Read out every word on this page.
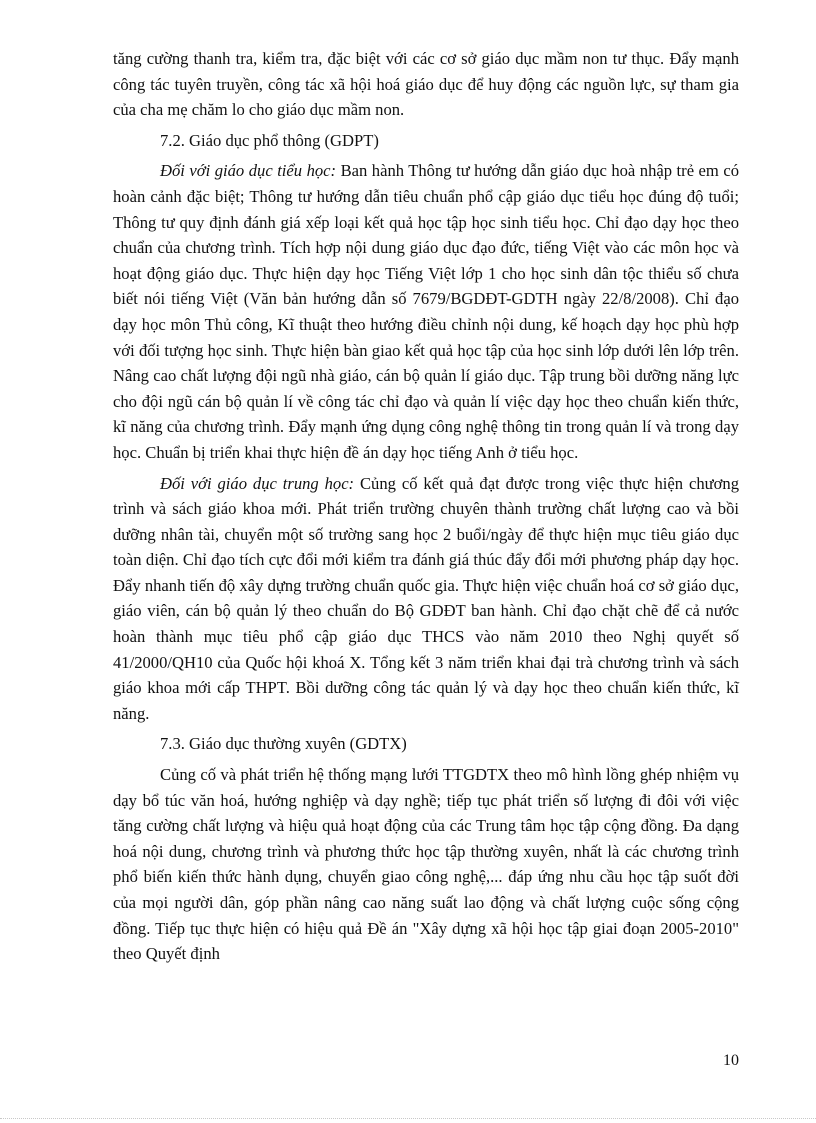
tăng cường thanh tra, kiểm tra, đặc biệt với các cơ sở giáo dục mầm non tư thục. Đẩy mạnh công tác tuyên truyền, công tác xã hội hoá giáo dục để huy động các nguồn lực, sự tham gia của cha mẹ chăm lo cho giáo dục mầm non.

7.2. Giáo dục phổ thông (GDPT)

Đối với giáo dục tiểu học: Ban hành Thông tư hướng dẫn giáo dục hoà nhập trẻ em có hoàn cảnh đặc biệt; Thông tư hướng dẫn tiêu chuẩn phổ cập giáo dục tiểu học đúng độ tuổi; Thông tư quy định đánh giá xếp loại kết quả học tập học sinh tiểu học. Chỉ đạo dạy học theo chuẩn của chương trình. Tích hợp nội dung giáo dục đạo đức, tiếng Việt vào các môn học và hoạt động giáo dục. Thực hiện dạy học Tiếng Việt lớp 1 cho học sinh dân tộc thiểu số chưa biết nói tiếng Việt (Văn bản hướng dẫn số 7679/BGDĐT-GDTH ngày 22/8/2008). Chỉ đạo dạy học môn Thủ công, Kĩ thuật theo hướng điều chỉnh nội dung, kế hoạch dạy học phù hợp với đối tượng học sinh. Thực hiện bàn giao kết quả học tập của học sinh lớp dưới lên lớp trên. Nâng cao chất lượng đội ngũ nhà giáo, cán bộ quản lí giáo dục. Tập trung bồi dưỡng năng lực cho đội ngũ cán bộ quản lí về công tác chỉ đạo và quản lí việc dạy học theo chuẩn kiến thức, kĩ năng của chương trình. Đẩy mạnh ứng dụng công nghệ thông tin trong quản lí và trong dạy học. Chuẩn bị triển khai thực hiện đề án dạy học tiếng Anh ở tiểu học.

Đối với giáo dục trung học: Củng cố kết quả đạt được trong việc thực hiện chương trình và sách giáo khoa mới. Phát triển trường chuyên thành trường chất lượng cao và bồi dưỡng nhân tài, chuyển một số trường sang học 2 buổi/ngày để thực hiện mục tiêu giáo dục toàn diện. Chỉ đạo tích cực đổi mới kiểm tra đánh giá thúc đẩy đổi mới phương pháp dạy học. Đẩy nhanh tiến độ xây dựng trường chuẩn quốc gia. Thực hiện việc chuẩn hoá cơ sở giáo dục, giáo viên, cán bộ quản lý theo chuẩn do Bộ GDĐT ban hành. Chỉ đạo chặt chẽ để cả nước hoàn thành mục tiêu phổ cập giáo dục THCS vào năm 2010 theo Nghị quyết số 41/2000/QH10 của Quốc hội khoá X. Tổng kết 3 năm triển khai đại trà chương trình và sách giáo khoa mới cấp THPT. Bồi dưỡng công tác quản lý và dạy học theo chuẩn kiến thức, kĩ năng.

7.3. Giáo dục thường xuyên (GDTX)

Củng cố và phát triển hệ thống mạng lưới TTGDTX theo mô hình lồng ghép nhiệm vụ dạy bổ túc văn hoá, hướng nghiệp và dạy nghề; tiếp tục phát triển số lượng đi đôi với việc tăng cường chất lượng và hiệu quả hoạt động của các Trung tâm học tập cộng đồng. Đa dạng hoá nội dung, chương trình và phương thức học tập thường xuyên, nhất là các chương trình phổ biến kiến thức hành dụng, chuyển giao công nghệ,... đáp ứng nhu cầu học tập suốt đời của mọi người dân, góp phần nâng cao năng suất lao động và chất lượng cuộc sống cộng đồng. Tiếp tục thực hiện có hiệu quả Đề án "Xây dựng xã hội học tập giai đoạn 2005-2010" theo Quyết định

10
